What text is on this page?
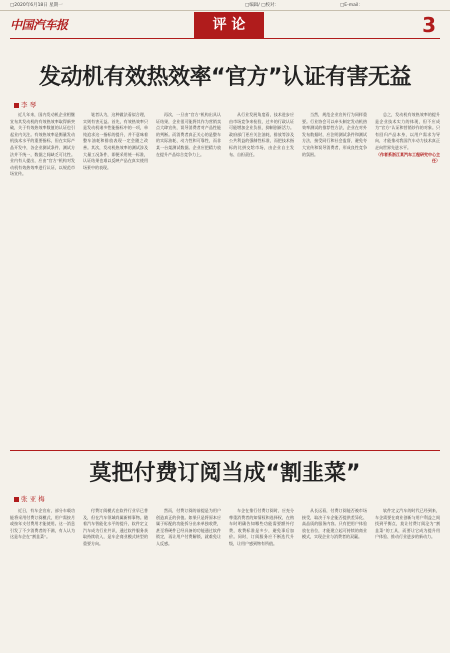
□2020年6月18日 星期一	□编辑/ □校对：	□E-mail：
中国汽车报	评 论	3
发动机有效热效率“官方”认证有害无益
李 琴

近几年来，国内发动机企业相继宣布其发动机的有效热效率取得新突破，关于有效热效率数值的认证也引起业内关注。有效热效率是衡量发动机技术水平的重要指标，但在实际产品开发中，各企业测试条件、测试方法并不统一，数据之间缺乏可比性。业内有人提出，应由“官方”机构对发动机有效热效率进行认证，以规范市场宣传。

笔者认为，这种做法看似合理，实则有害无益。首先，有效热效率只是发动机诸多性能指标中的一项，单纯追求这一指标的提升，并不意味着整车油耗和排放表现一定会随之改善。其次，发动机热效率的测试涉及大量工况条件，即便采用统一标准，认证结果也难以反映产品在真实使用场景中的表现。

再次，一旦由“官方”机构出具认证结果，企业很可能将其作为营销卖点大肆宣传，误导消费者对产品性能的判断。而消费者真正关心的是整车的实际油耗、动力性和可靠性，而非某一台架测试数据。企业应把精力放在提升产品综合竞争力上。

从行业发展角度看，技术进步应由市场竞争来检验，过多的行政认证可能增加企业负担，抑制创新活力。政府部门更应关注油耗、排放等涉及公共利益的强制性标准，而把技术指标的比拼交给市场，由企业自主发布、自担责任。

当然，规范企业宣传行为同样重要。行业协会可以牵头制定发动机热效率测试的推荐性方法，企业在对外发布数据时，应注明测试条件和测试方法，接受同行和社会监督，避免夸大宣传和误导消费者，形成良性竞争的氛围。

总之，发动机有效热效率的提升是企业技术实力的体现，但不应成为“官方”认证和营销炒作的对象。只有回归产品本身，以用户需求为导向，才能推动我国汽车动力技术真正走向世界先进水平。

（作者系浙江某汽车工程研究中心主任）

莫把付费订阅当成“割韭菜”
张 亚 梅

近日，有车企宣布，部分车载功能将采用付费订阅模式，用户需按月或按年支付费用才能使用。这一消息引发了不少消费者的不满，有人认为这是车企在“割韭菜”。

付费订阅模式在软件行业早已普及，但在汽车领域尚属新鲜事物。随着汽车智能化水平的提升，软件定义汽车成为行业共识，通过软件服务获取持续收入，是车企商业模式转型的重要方向。

然而，付费订阅的前提是为用户创造真正的价值。如果只是将原本应属于标配的功能拆分出来单独收费，甚至将硬件已经具备的功能通过软件锁定，再让用户付费解锁，就难免让人反感。

车企在推行付费订阅时，应充分尊重消费者的知情权和选择权，在购车时明确告知哪些功能需要额外付费，收费标准是多少，避免事后加价。同时，订阅服务应不断迭代升级，让用户感到物有所值。

从长远看，付费订阅能否被市场接受，取决于车企能否提供差异化、高品质的服务内容。只有把用户体验放在首位，才能建立起可持续的商业模式，实现企业与消费者的双赢。

软件定义汽车的时代已经到来，车企需要在商业创新与用户利益之间找到平衡点，莫让付费订阅沦为“割韭菜”的工具，而要让它成为提升用户体验、推动行业进步的新动力。
